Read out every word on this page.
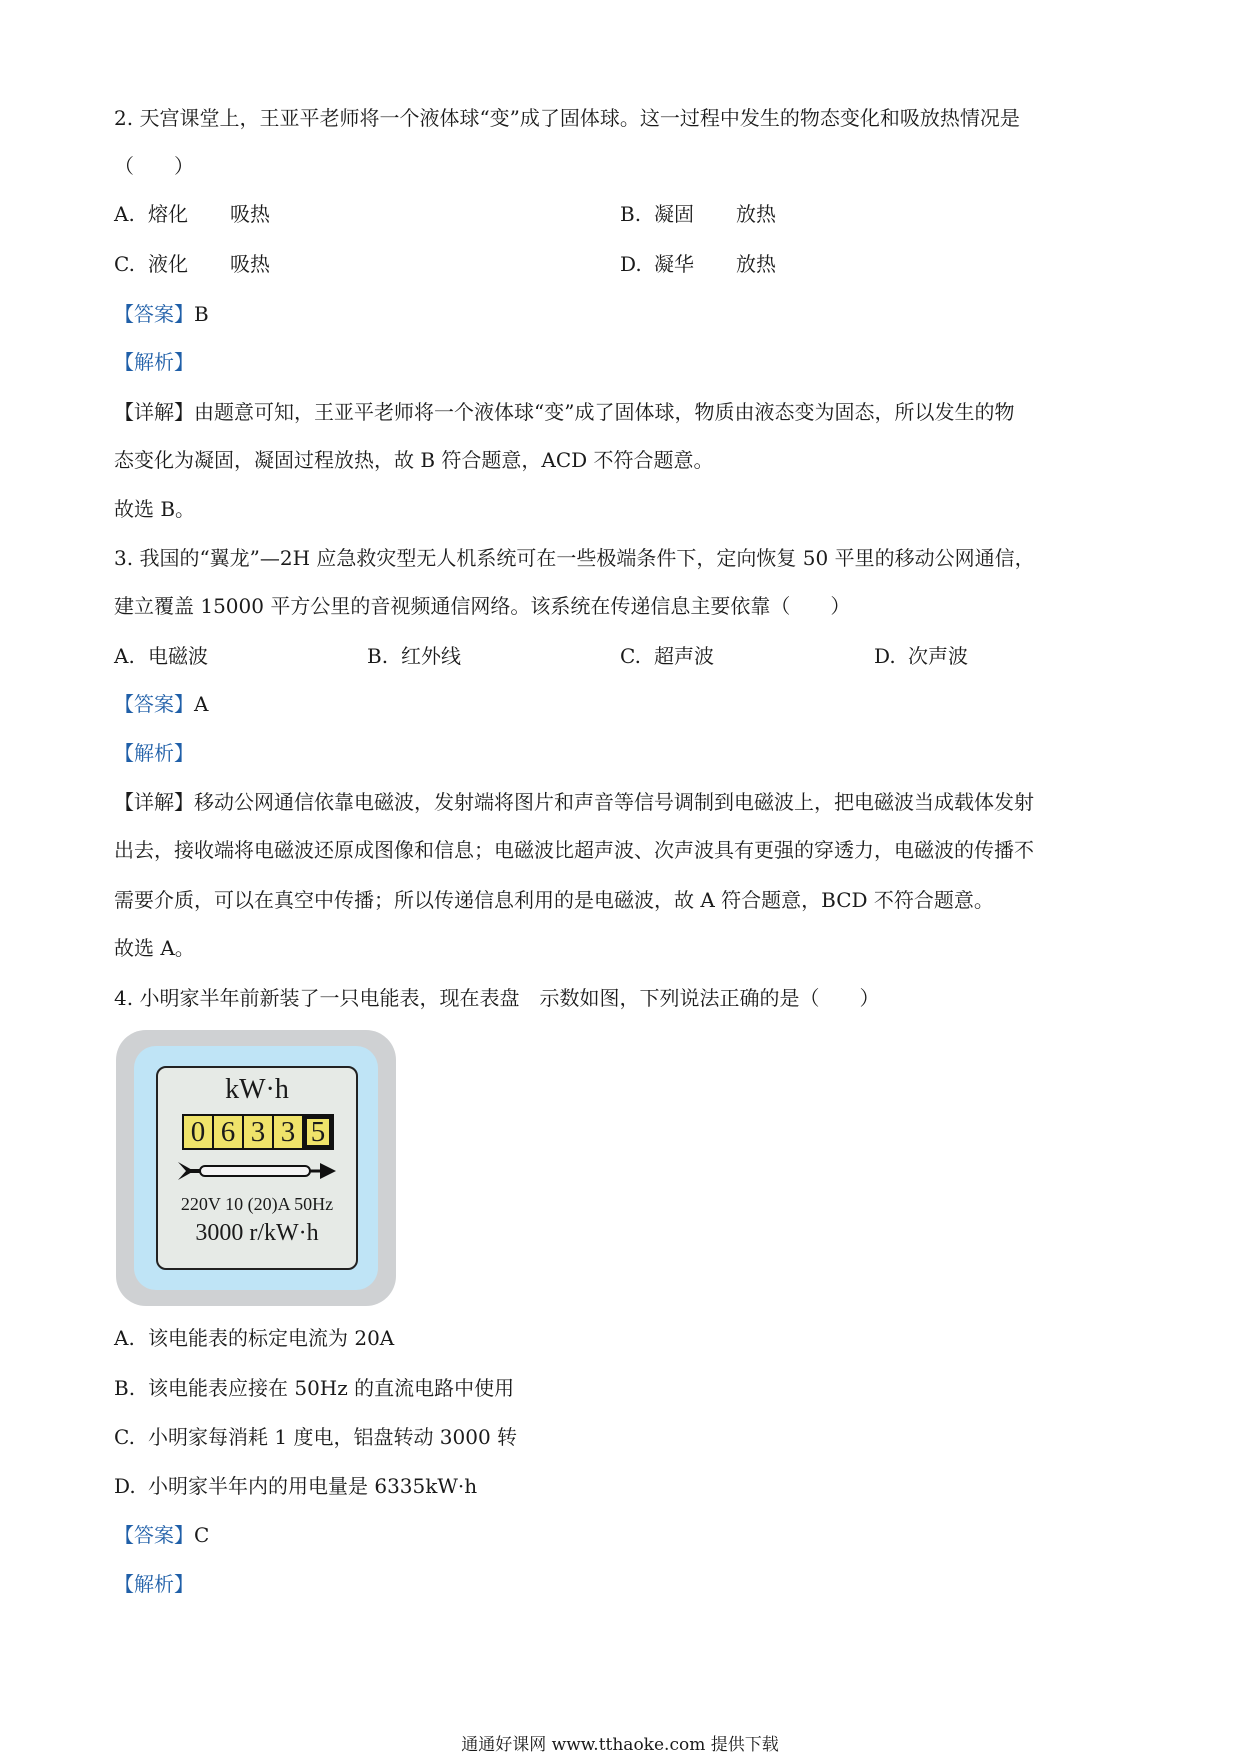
2. 天宫课堂上，王亚平老师将一个液体球“变”成了固体球。这一过程中发生的物态变化和吸放热情况是
（　　）
A. 熔化 吸热	B. 凝固 放热
C. 液化 吸热	D. 凝华 放热
【答案】B
【解析】
【详解】由题意可知，王亚平老师将一个液体球“变”成了固体球，物质由液态变为固态，所以发生的物
态变化为凝固，凝固过程放热，故 B 符合题意，ACD 不符合题意。
故选 B。
3. 我国的“翼龙”—2H 应急救灾型无人机系统可在一些极端条件下，定向恢复 50 平里的移动公网通信，
建立覆盖 15000 平方公里的音视频通信网络。该系统在传递信息主要依靠（　　）
A. 电磁波	B. 红外线	C. 超声波	D. 次声波
【答案】A
【解析】
【详解】移动公网通信依靠电磁波，发射端将图片和声音等信号调制到电磁波上，把电磁波当成载体发射
出去，接收端将电磁波还原成图像和信息；电磁波比超声波、次声波具有更强的穿透力，电磁波的传播不
需要介质，可以在真空中传播；所以传递信息利用的是电磁波，故 A 符合题意，BCD 不符合题意。
故选 A。
4. 小明家半年前新装了一只电能表，现在表盘　示数如图，下列说法正确的是（　　）
kW·h
0 6 3 3 5
220V 10 (20)A 50Hz
3000 r/kW·h
A. 该电能表的标定电流为 20A
B. 该电能表应接在 50Hz 的直流电路中使用
C. 小明家每消耗 1 度电，铝盘转动 3000 转
D. 小明家半年内的用电量是 6335kW·h
【答案】C
【解析】
通通好课网 www.tthaoke.com 提供下载
